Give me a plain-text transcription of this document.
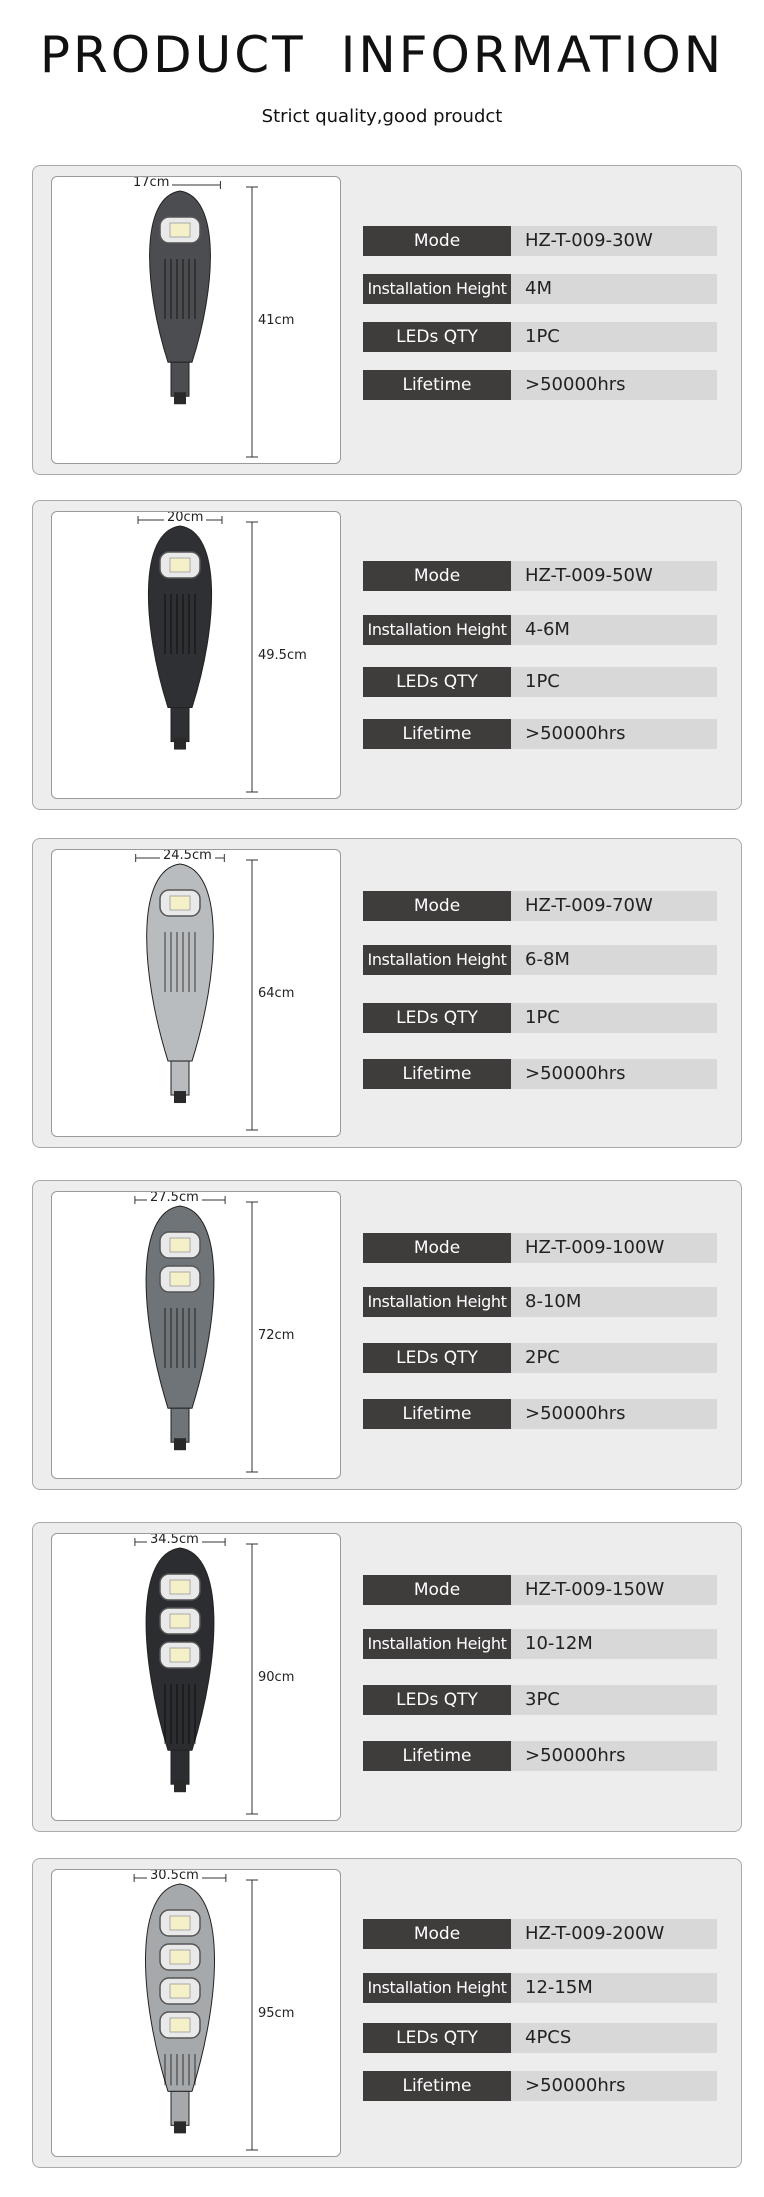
PRODUCT INFORMATION
Strict quality,good proudct
17cm
41cm
Mode	HZ-T-009-30W
Installation Height	4M
LEDs QTY	1PC
Lifetime	>50000hrs
20cm
49.5cm
Mode	HZ-T-009-50W
Installation Height	4-6M
LEDs QTY	1PC
Lifetime	>50000hrs
24.5cm
64cm
Mode	HZ-T-009-70W
Installation Height	6-8M
LEDs QTY	1PC
Lifetime	>50000hrs
27.5cm
72cm
Mode	HZ-T-009-100W
Installation Height	8-10M
LEDs QTY	2PC
Lifetime	>50000hrs
34.5cm
90cm
Mode	HZ-T-009-150W
Installation Height	10-12M
LEDs QTY	3PC
Lifetime	>50000hrs
30.5cm
95cm
Mode	HZ-T-009-200W
Installation Height	12-15M
LEDs QTY	4PCS
Lifetime	>50000hrs
